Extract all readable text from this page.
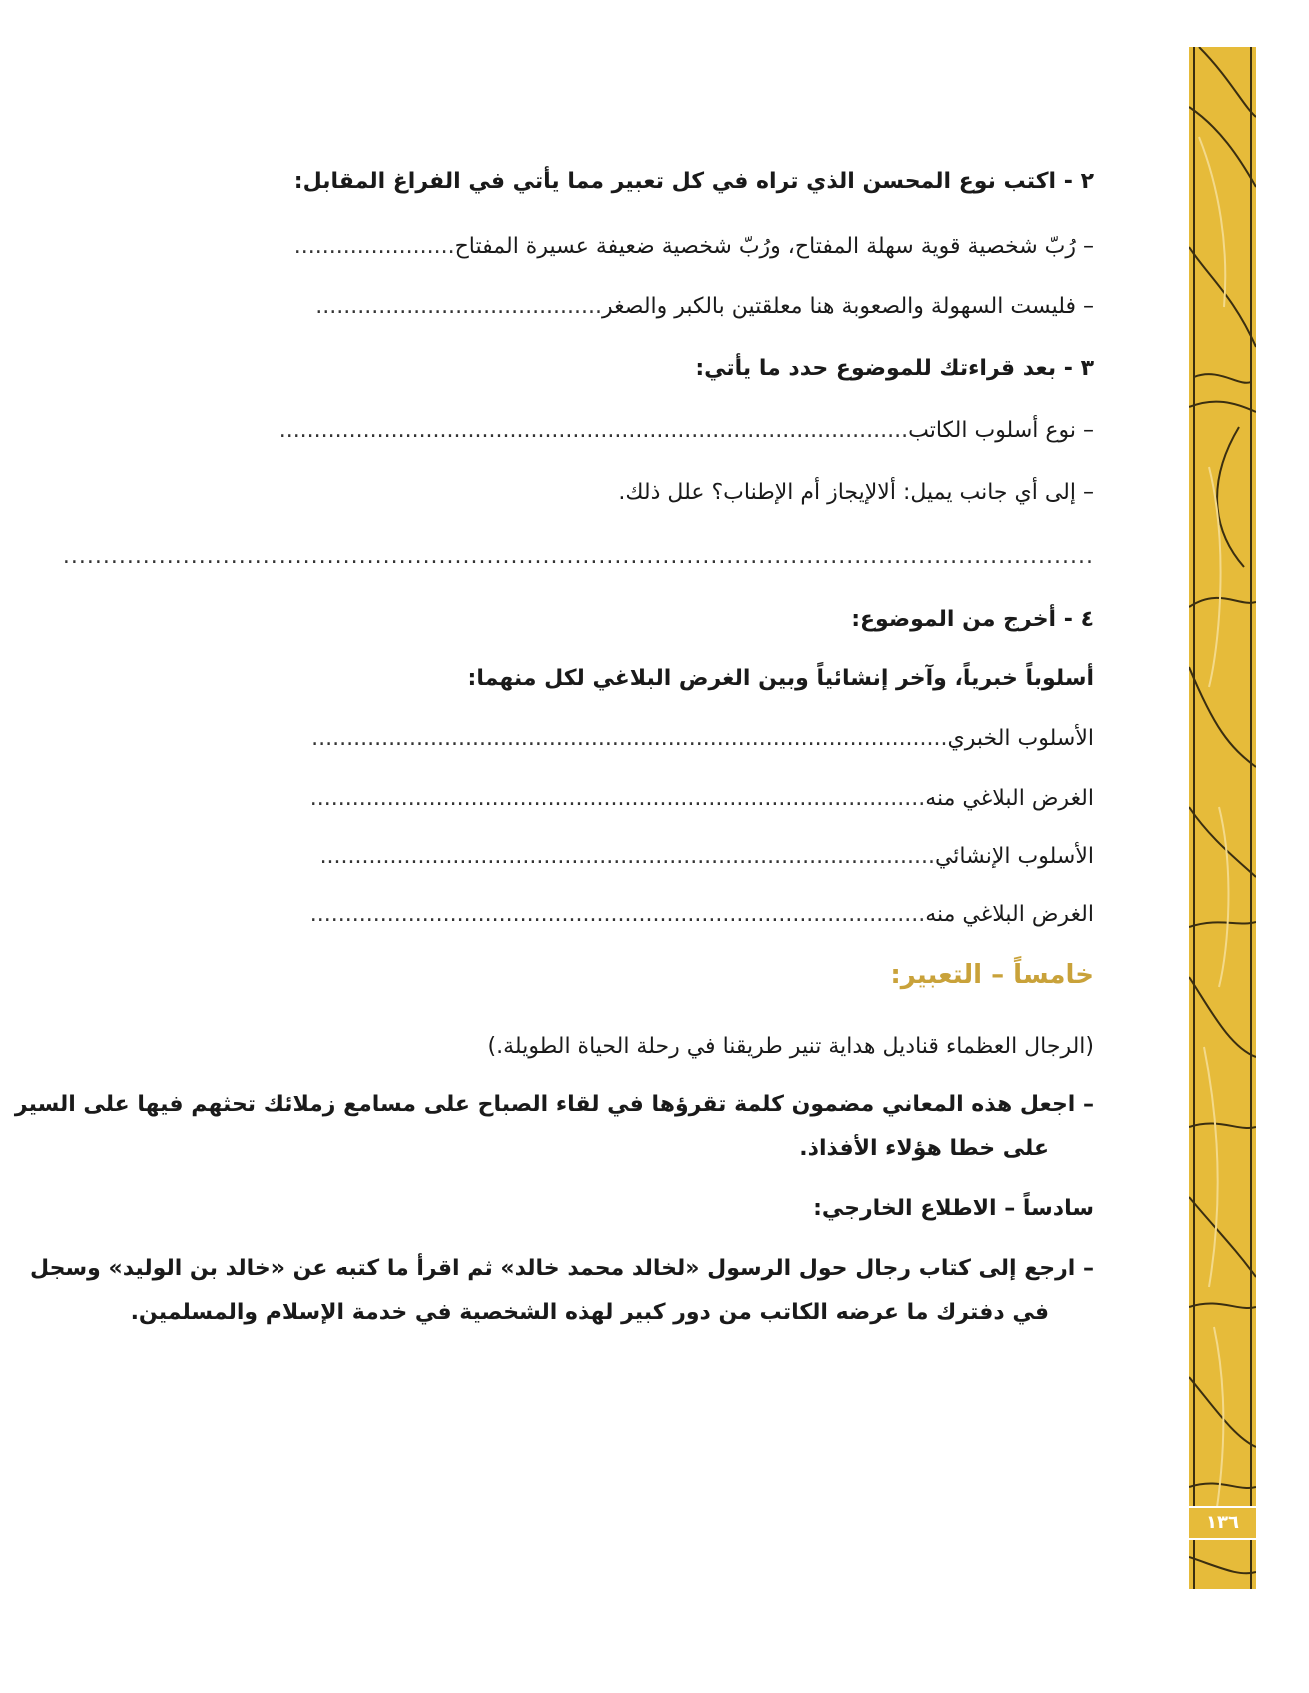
١٣٦
٢ - اكتب نوع المحسن الذي تراه في كل تعبير مما يأتي في الفراغ المقابل:
– رُبّ شخصية قوية سهلة المفتاح، ورُبّ شخصية ضعيفة عسيرة المفتاح.......................
– فليست السهولة والصعوبة هنا معلقتين بالكبر والصغر.........................................
٣ - بعد قراءتك للموضوع حدد ما يأتي:
– نوع أسلوب الكاتب..........................................................................................
– إلى أي جانب يميل: ألالإيجاز أم الإطناب؟ علل ذلك.
.................................................................................................................................
٤ - أخرج من الموضوع:
أسلوباً خبرياً، وآخر إنشائياً وبين الغرض البلاغي لكل منهما:
الأسلوب الخبري...........................................................................................
الغرض البلاغي منه........................................................................................
الأسلوب الإنشائي........................................................................................
الغرض البلاغي منه........................................................................................
خامساً – التعبير:
(الرجال العظماء قناديل هداية تنير طريقنا في رحلة الحياة الطويلة.)
– اجعل هذه المعاني مضمون كلمة تقرؤها في لقاء الصباح على مسامع زملائك تحثهم فيها على السير
على خطا هؤلاء الأفذاذ.
سادساً – الاطلاع الخارجي:
– ارجع إلى كتاب رجال حول الرسول «لخالد محمد خالد» ثم اقرأ ما كتبه عن «خالد بن الوليد» وسجل
في دفترك ما عرضه الكاتب من دور كبير لهذه الشخصية في خدمة الإسلام والمسلمين.
